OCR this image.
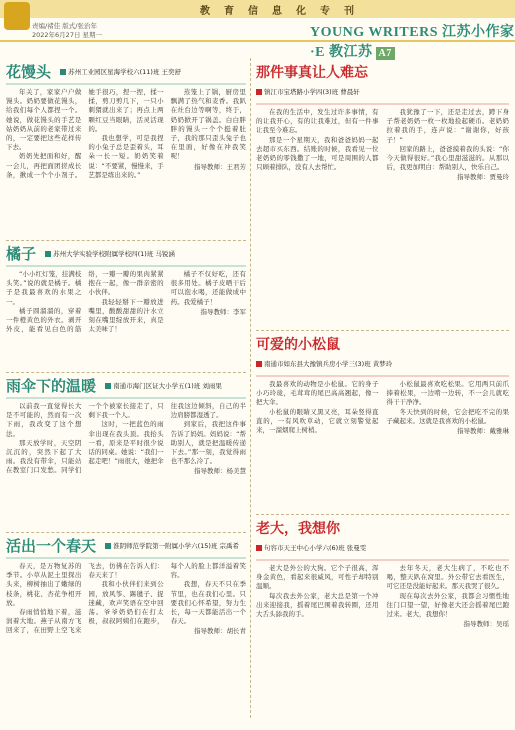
教育信息化专刊
责编/褚佳 版式/张治年
2022年6月27日 星期一	YOUNG WRITERS 江苏小作家·E 教江苏 A7
花馒头	苏州工业园区星海学校六(11)班 王奕舒

年关了，家家户户做馒头。奶奶要做花馒头，给我们每个人都捏一个。她说，做花馒头的手艺是姑奶奶从前的老家带过来的，一定要把这些花样传下去。

奶奶先把面和好，醒一会儿，再把面团搓成长条，揪成一个个小剂子。她手很巧，捏一捏，揉一揉，剪刀剪几下，一只小刺猬就出来了；再点上两颗红豆当眼睛，活灵活现的。

我也想学，可是我捏的小兔子总是歪着头，耳朵一长一短。奶奶笑着说：“不要紧，慢慢来，手艺都是练出来的。”

蒸笼上了锅，厨房里飘满了热气和麦香。我趴在灶台边等啊等，终于，奶奶掀开了锅盖。白白胖胖的馒头一个个挺着肚子，我的那只歪头兔子也在里面，好像在冲我笑呢！

指导教师：王君芳
橘子	苏州大学实验学校附属学校四(1)班 马锐涵

“小小红灯笼，挂满枝头笑。”说的就是橘子。橘子是我最喜欢的水果之一。

橘子圆溜溜的，穿着一件橙黄色的外衣。剥开外皮，能看见白色的筋络，一瓣一瓣的果肉紧紧抱在一起，像一群亲密的小伙伴。

我轻轻掰下一瓣放进嘴里，酸酸甜甜的汁水立刻在嘴里绽放开来，真是太美味了！

橘子不仅好吃，还有很多用处。橘子皮晒干后可以泡水喝，还能做成中药。我爱橘子！

指导教师：李军
雨伞下的温暖	南通市海门区证大小学五(1)班 刘雨果

以前我一直觉得长大是不可能的，然而有一次下雨，我改变了这个想法。

那天放学时，天空阴沉沉的，突然下起了大雨。我没有带伞，只能站在教室门口发愁。同学们一个个被家长接走了，只剩下我一个人。

这时，一把蓝色的雨伞出现在我头顶。我抬头一看，原来是平时很少说话的同桌。她说：“我们一起走吧！”雨很大，她把伞往我这边倾斜，自己的半边肩膀都湿透了。

到家后，我把这件事告诉了妈妈。妈妈说：“帮助别人，就是把温暖传递下去。”那一刻，我觉得雨也不那么冷了。

指导教师：杨美慧
活出一个春天	淮阴师范学院第一附属小学六(15)班 宗禹希

春天，是万物复苏的季节。小草从泥土里探出头来，柳树抽出了嫩绿的枝条，桃花、杏花争相开放。

春雨悄悄地下着，滋润着大地。燕子从南方飞回来了，在田野上空飞来飞去，仿佛在告诉人们：春天来了！

我和小伙伴们来到公园，放风筝、踢毽子、捉迷藏，欢声笑语在空中回荡。爷爷奶奶们在打太极，叔叔阿姨们在跑步，每个人的脸上都洋溢着笑容。

我想，春天不只在季节里，也在我们心里。只要我们心怀希望，努力生长，每一天都能活出一个春天。

指导教师：胡长青
那件事真让人难忘
镇江市宝塔路小学四(3)班 曹晨轩

在我的生活中，发生过许多事情，有的让我开心，有的让我难过，但有一件事让我至今难忘。

那是一个星期天，我和爸爸妈妈一起去超市买东西。结账的时候，我看见一位老奶奶的零钱撒了一地，可是周围的人都只顾着排队，没有人去帮忙。

我犹豫了一下，还是走过去，蹲下身子帮老奶奶一枚一枚地捡起硬币。老奶奶拉着我的手，连声说：“谢谢你，好孩子！”

回家的路上，爸爸摸着我的头说：“你今天做得很好。”我心里甜滋滋的。从那以后，我更加明白：帮助别人，快乐自己。

指导教师：贾曼玲
可爱的小松鼠
南通市如东县大豫镇兵房小学三(3)班 黄梦玲

我最喜欢的动物是小松鼠。它的身子小巧玲珑，毛茸茸的尾巴高高翘起，像一把大伞。

小松鼠的眼睛又黑又亮，耳朵竖得直直的，一有风吹草动，它就立刻警觉起来，一溜烟爬上树梢。

小松鼠最喜欢吃松果。它用两只前爪捧着松果，一边啃一边转，不一会儿就吃得干干净净。

冬天快到的时候，它会把吃不完的果子藏起来。这就是我喜欢的小松鼠。

指导教师：戴雅琳
老大，我想你
句容市天王中心小学六(6)班 张曼雯

老大是外公的大狗。它个子很高，浑身金黄色，看起来很威风，可性子却特别温顺。

每次我去外公家，老大总是第一个冲出来迎接我，摇着尾巴围着我转圈，还用大舌头舔我的手。

去年冬天，老大生病了，不吃也不喝，整天趴在窝里。外公带它去看医生，可它还是没能好起来。那天我哭了很久。

现在每次去外公家，我都会习惯性地往门口望一望，好像老大还会摇着尾巴跑过来。老大，我想你！

指导教师：吴瑶
